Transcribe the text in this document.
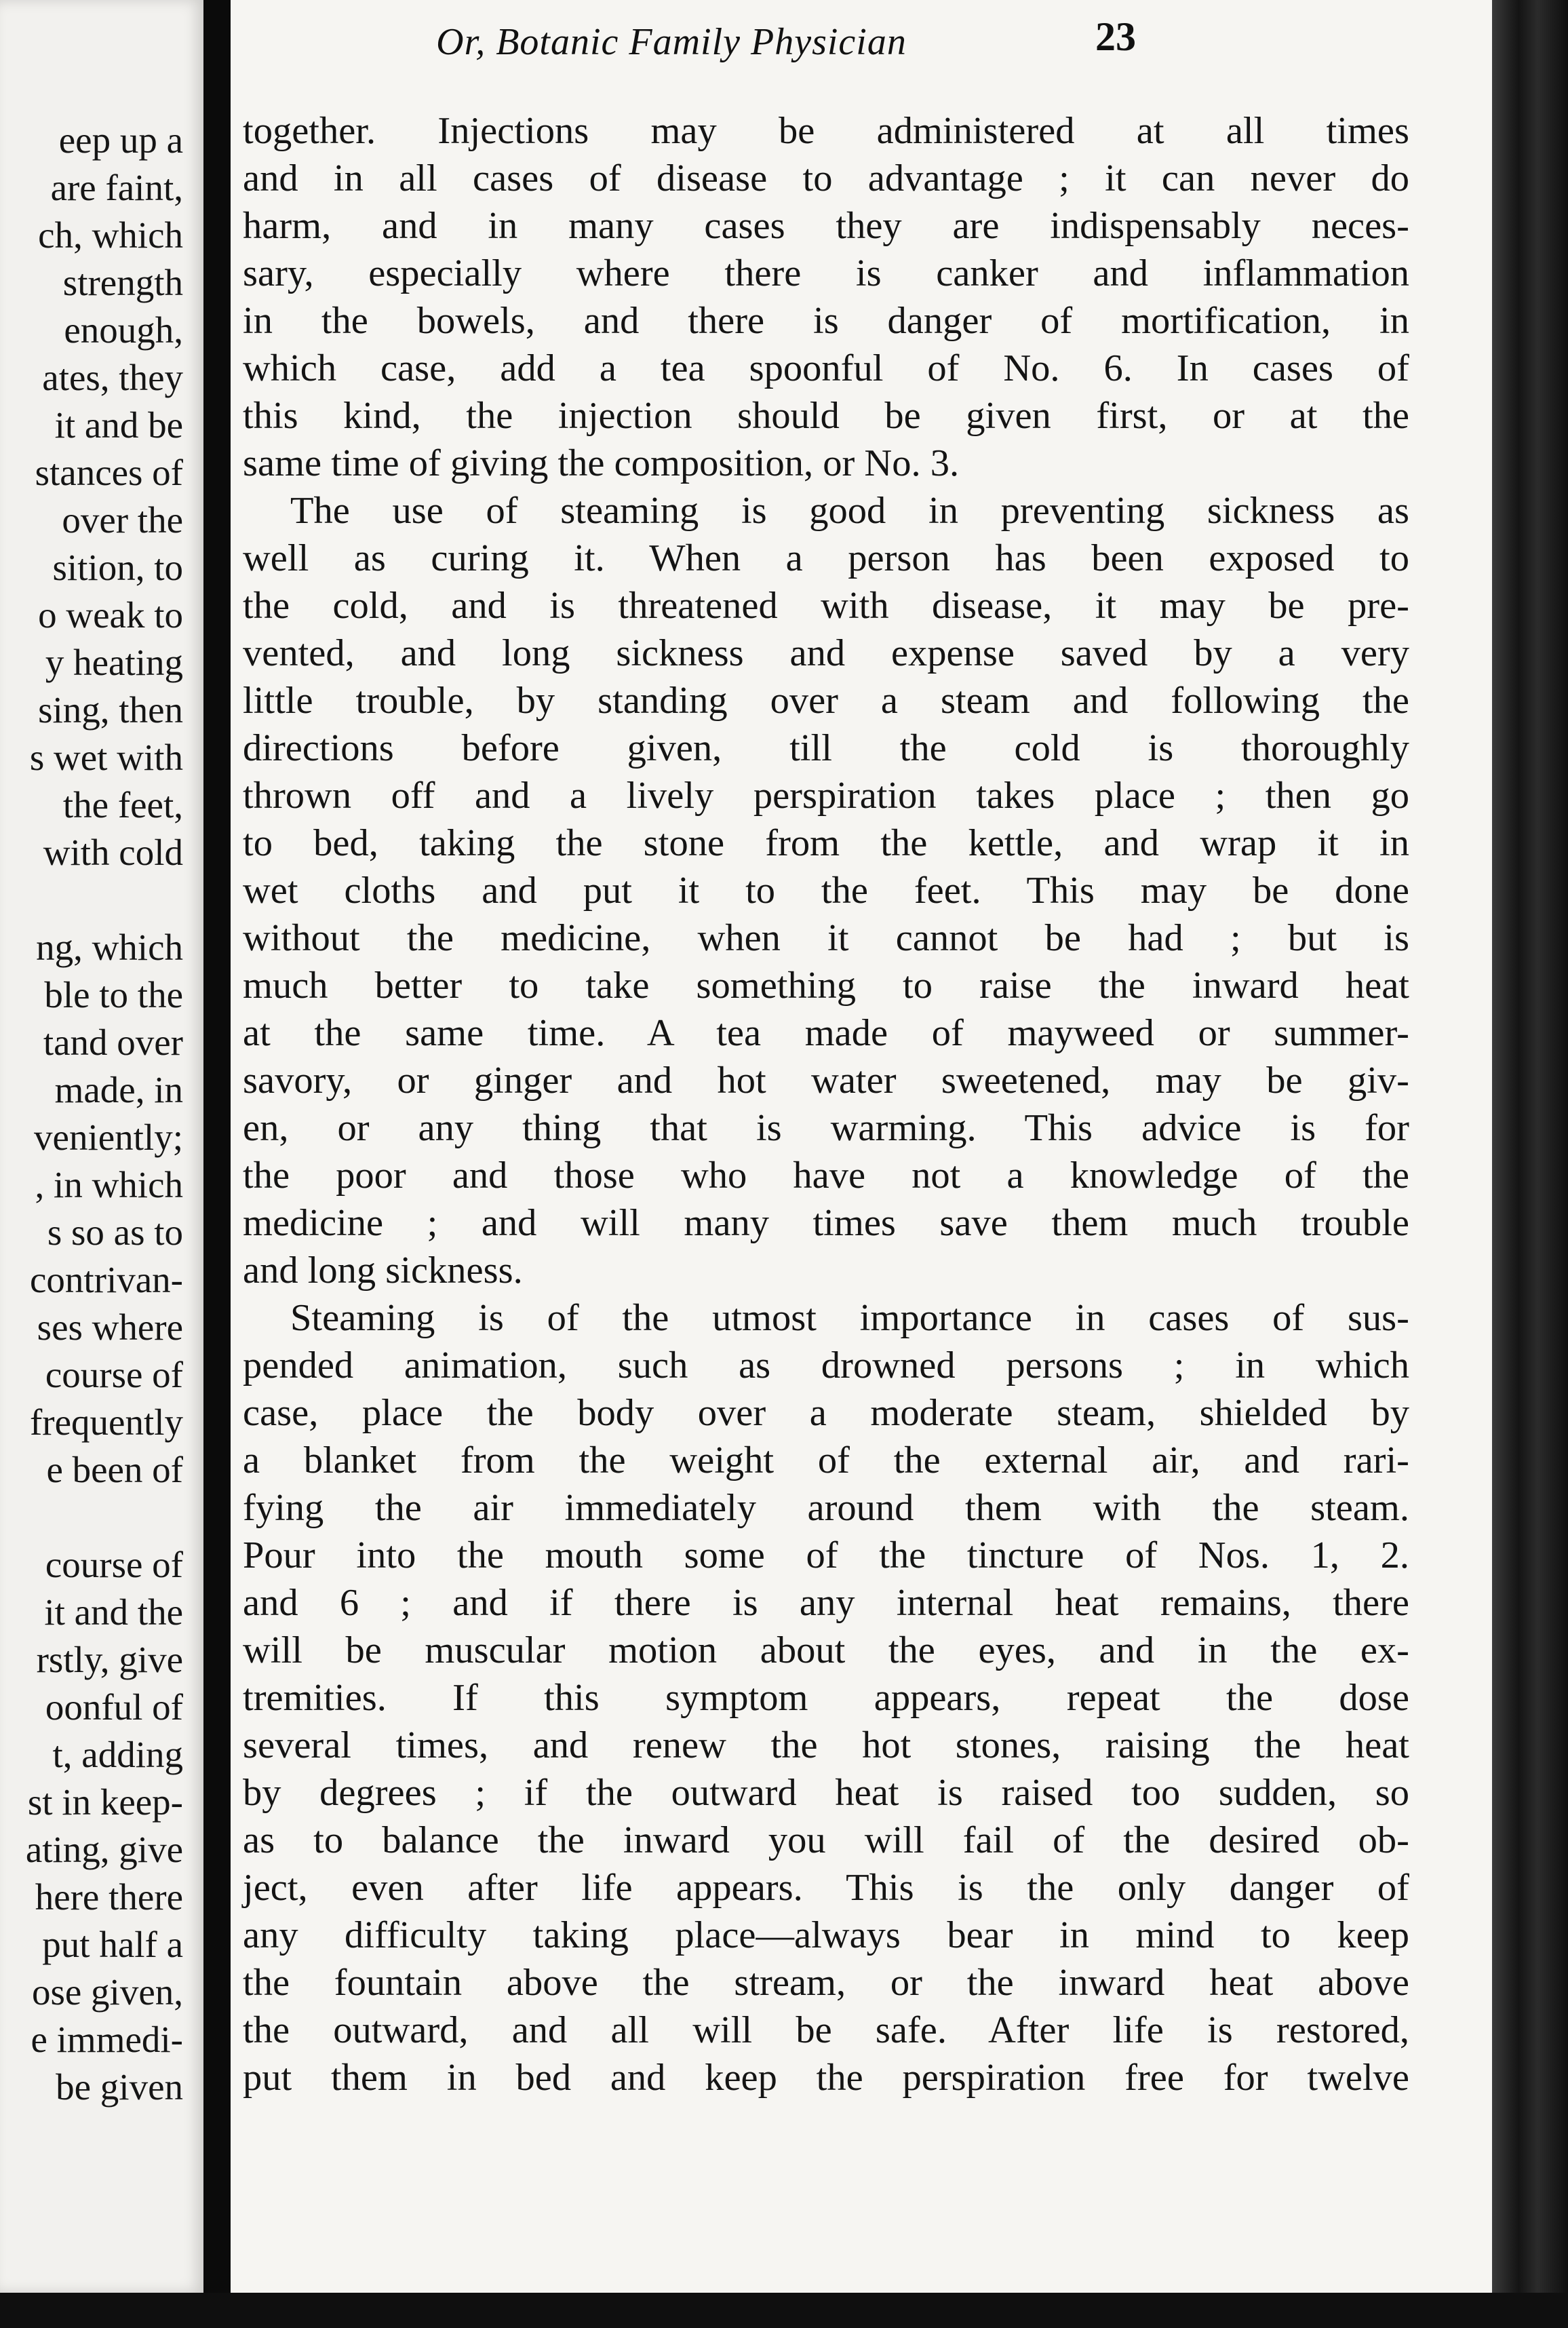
eep up a
are faint,
ch, which
strength
enough,
ates, they
it and be
stances of
over the
sition, to
o weak to
y heating
sing, then
s wet with
the feet,
with cold
ng, which
ble to the
tand over
made, in
veniently;
, in which
s so as to
contrivan-
ses where
course of
frequently
e been of
course of
it and the
rstly, give
oonful of
t, adding
st in keep-
ating, give
here there
put half a
ose given,
e immedi-
be given
together. Injections may be administered at all times
and in all cases of disease to advantage ; it can never do
harm, and in many cases they are indispensably neces-
sary, especially where there is canker and inflammation
in the bowels, and there is danger of mortification, in
which case, add a tea spoonful of No. 6. In cases of
this kind, the injection should be given first, or at the
same time of giving the composition, or No. 3.
The use of steaming is good in preventing sickness as
well as curing it. When a person has been exposed to
the cold, and is threatened with disease, it may be pre-
vented, and long sickness and expense saved by a very
little trouble, by standing over a steam and following the
directions before given, till the cold is thoroughly
thrown off and a lively perspiration takes place ; then go
to bed, taking the stone from the kettle, and wrap it in
wet cloths and put it to the feet. This may be done
without the medicine, when it cannot be had ; but is
much better to take something to raise the inward heat
at the same time. A tea made of mayweed or summer-
savory, or ginger and hot water sweetened, may be giv-
en, or any thing that is warming. This advice is for
the poor and those who have not a knowledge of the
medicine ; and will many times save them much trouble
and long sickness.
Steaming is of the utmost importance in cases of sus-
pended animation, such as drowned persons ; in which
case, place the body over a moderate steam, shielded by
a blanket from the weight of the external air, and rari-
fying the air immediately around them with the steam.
Pour into the mouth some of the tincture of Nos. 1, 2.
and 6 ; and if there is any internal heat remains, there
will be muscular motion about the eyes, and in the ex-
tremities. If this symptom appears, repeat the dose
several times, and renew the hot stones, raising the heat
by degrees ; if the outward heat is raised too sudden, so
as to balance the inward you will fail of the desired ob-
ject, even after life appears. This is the only danger of
any difficulty taking place—always bear in mind to keep
the fountain above the stream, or the inward heat above
the outward, and all will be safe. After life is restored,
put them in bed and keep the perspiration free for twelve
Or, Botanic Family Physician	23
